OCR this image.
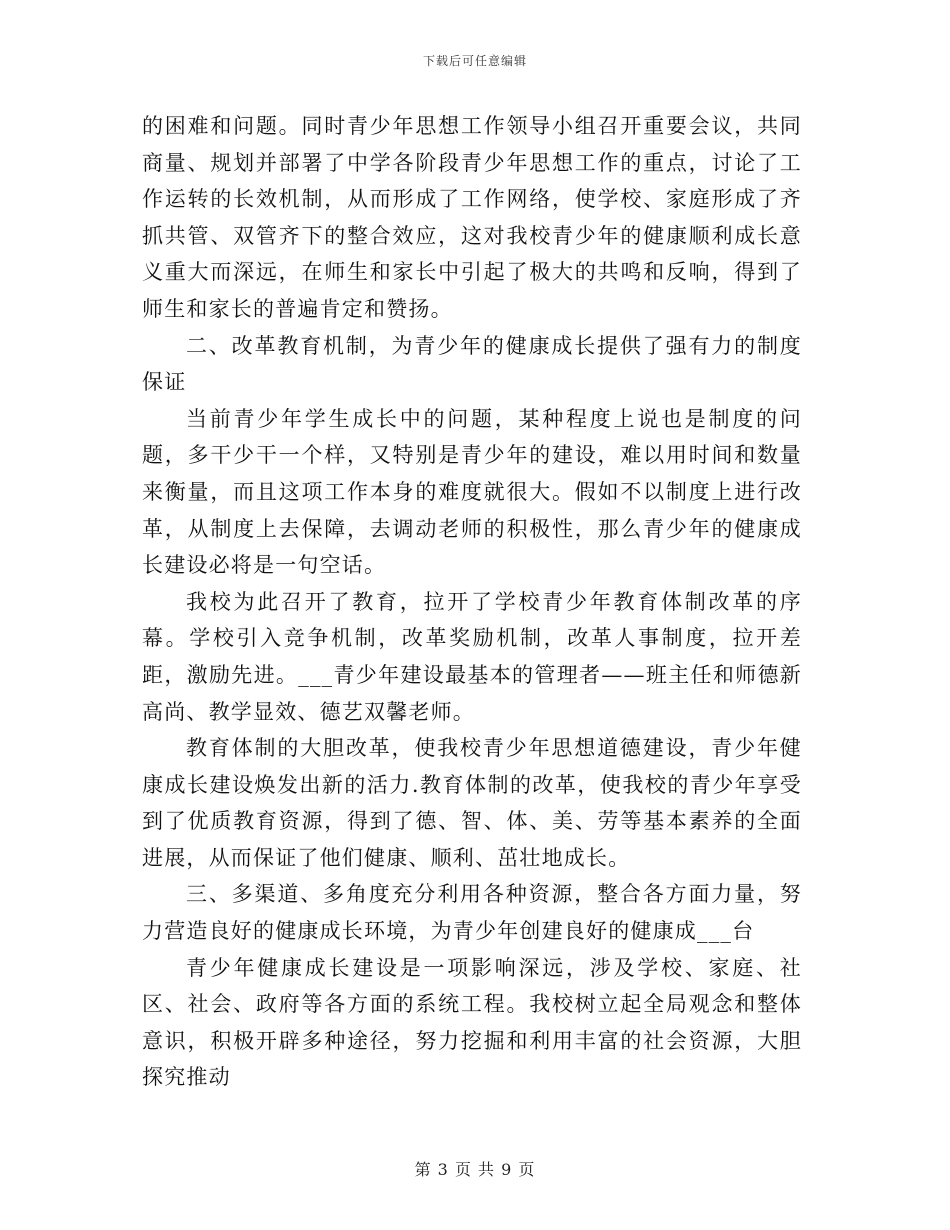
下载后可任意编辑

的困难和问题。同时青少年思想工作领导小组召开重要会议，共同商量、规划并部署了中学各阶段青少年思想工作的重点，讨论了工作运转的长效机制，从而形成了工作网络，使学校、家庭形成了齐抓共管、双管齐下的整合效应，这对我校青少年的健康顺利成长意义重大而深远，在师生和家长中引起了极大的共鸣和反响，得到了师生和家长的普遍肯定和赞扬。

二、改革教育机制，为青少年的健康成长提供了强有力的制度保证

当前青少年学生成长中的问题，某种程度上说也是制度的问题，多干少干一个样，又特别是青少年的建设，难以用时间和数量来衡量，而且这项工作本身的难度就很大。假如不以制度上进行改革，从制度上去保障，去调动老师的积极性，那么青少年的健康成长建设必将是一句空话。

我校为此召开了教育，拉开了学校青少年教育体制改革的序幕。学校引入竞争机制，改革奖励机制，改革人事制度，拉开差距，激励先进。___青少年建设最基本的管理者——班主任和师德新高尚、教学显效、德艺双馨老师。

教育体制的大胆改革，使我校青少年思想道德建设，青少年健康成长建设焕发出新的活力.教育体制的改革，使我校的青少年享受到了优质教育资源，得到了德、智、体、美、劳等基本素养的全面进展，从而保证了他们健康、顺利、茁壮地成长。

三、多渠道、多角度充分利用各种资源，整合各方面力量，努力营造良好的健康成长环境，为青少年创建良好的健康成___台

青少年健康成长建设是一项影响深远，涉及学校、家庭、社区、社会、政府等各方面的系统工程。我校树立起全局观念和整体意识，积极开辟多种途径，努力挖掘和利用丰富的社会资源，大胆探究推动

第 3 页 共 9 页
